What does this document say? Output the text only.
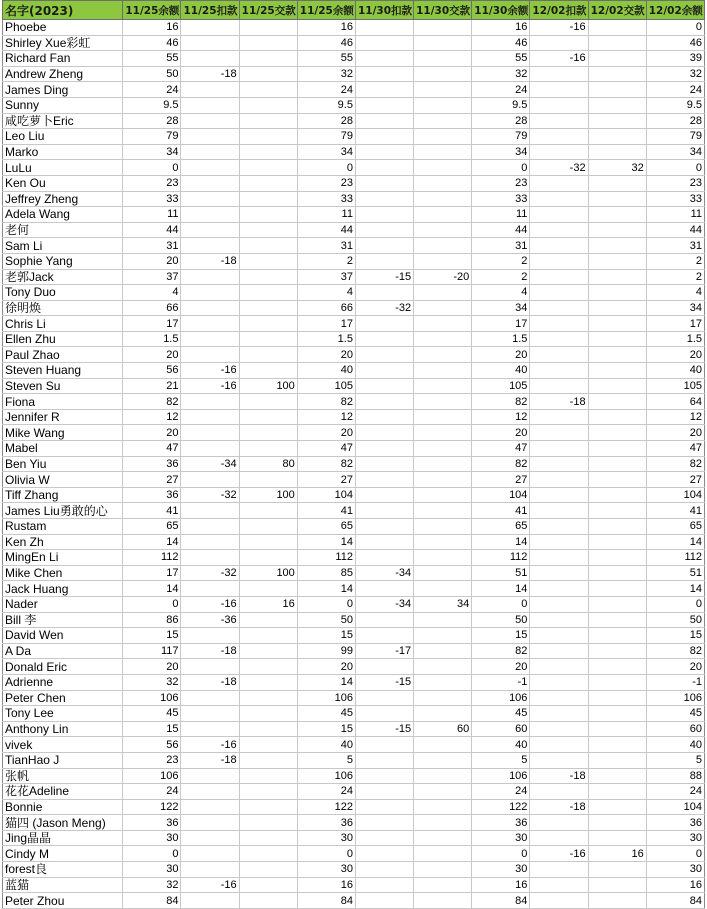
名字(2023)	11/25余额	11/25扣款	11/25交款	11/25余额	11/30扣款	11/30交款	11/30余额	12/02扣款	12/02交款	12/02余额
Phoebe	16			16			16	-16		0
Shirley Xue彩虹	46			46			46			46
Richard Fan	55			55			55	-16		39
Andrew Zheng	50	-18		32			32			32
James Ding	24			24			24			24
Sunny	9.5			9.5			9.5			9.5
咸吃萝卜Eric	28			28			28			28
Leo Liu	79			79			79			79
Marko	34			34			34			34
LuLu	0			0			0	-32	32	0
Ken Ou	23			23			23			23
Jeffrey Zheng	33			33			33			33
Adela Wang	11			11			11			11
老何	44			44			44			44
Sam Li	31			31			31			31
Sophie Yang	20	-18		2			2			2
老郭Jack	37			37	-15	-20	2			2
Tony Duo	4			4			4			4
徐明焕	66			66	-32		34			34
Chris Li	17			17			17			17
Ellen Zhu	1.5			1.5			1.5			1.5
Paul Zhao	20			20			20			20
Steven Huang	56	-16		40			40			40
Steven Su	21	-16	100	105			105			105
Fiona	82			82			82	-18		64
Jennifer R	12			12			12			12
Mike Wang	20			20			20			20
Mabel	47			47			47			47
Ben Yiu	36	-34	80	82			82			82
Olivia W	27			27			27			27
Tiff Zhang	36	-32	100	104			104			104
James Liu勇敢的心	41			41			41			41
Rustam	65			65			65			65
Ken Zh	14			14			14			14
MingEn Li	112			112			112			112
Mike Chen	17	-32	100	85	-34		51			51
Jack Huang	14			14			14			14
Nader	0	-16	16	0	-34	34	0			0
Bill 李	86	-36		50			50			50
David Wen	15			15			15			15
A Da	117	-18		99	-17		82			82
Donald Eric	20			20			20			20
Adrienne	32	-18		14	-15		-1			-1
Peter Chen	106			106			106			106
Tony Lee	45			45			45			45
Anthony Lin	15			15	-15	60	60			60
vivek	56	-16		40			40			40
TianHao J	23	-18		5			5			5
张帆	106			106			106	-18		88
花花Adeline	24			24			24			24
Bonnie	122			122			122	-18		104
猫四 (Jason Meng)	36			36			36			36
Jing晶晶	30			30			30			30
Cindy M	0			0			0	-16	16	0
forest良	30			30			30			30
蓝猫	32	-16		16			16			16
Peter Zhou	84			84			84			84
